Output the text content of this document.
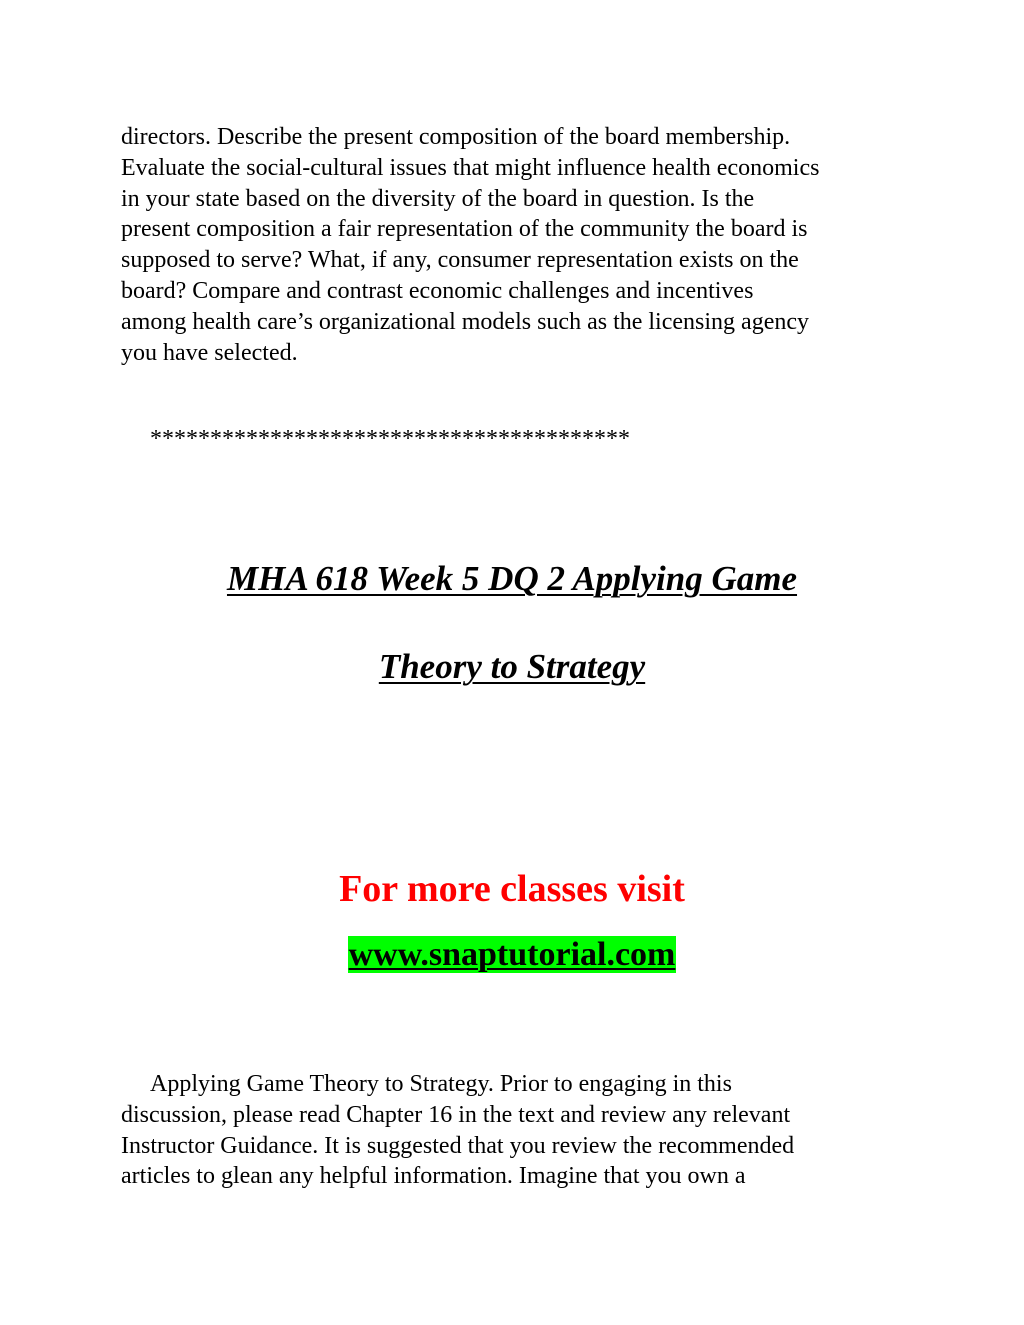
directors. Describe the present composition of the board membership.
Evaluate the social-cultural issues that might influence health economics
in your state based on the diversity of the board in question. Is the
present composition a fair representation of the community the board is
supposed to serve? What, if any, consumer representation exists on the
board? Compare and contrast economic challenges and incentives
among health care’s organizational models such as the licensing agency
you have selected.
****************************************
MHA 618 Week 5 DQ 2 Applying Game
Theory to Strategy
For more classes visit
www.snaptutorial.com
Applying Game Theory to Strategy. Prior to engaging in this
discussion, please read Chapter 16 in the text and review any relevant
Instructor Guidance. It is suggested that you review the recommended
articles to glean any helpful information. Imagine that you own a
